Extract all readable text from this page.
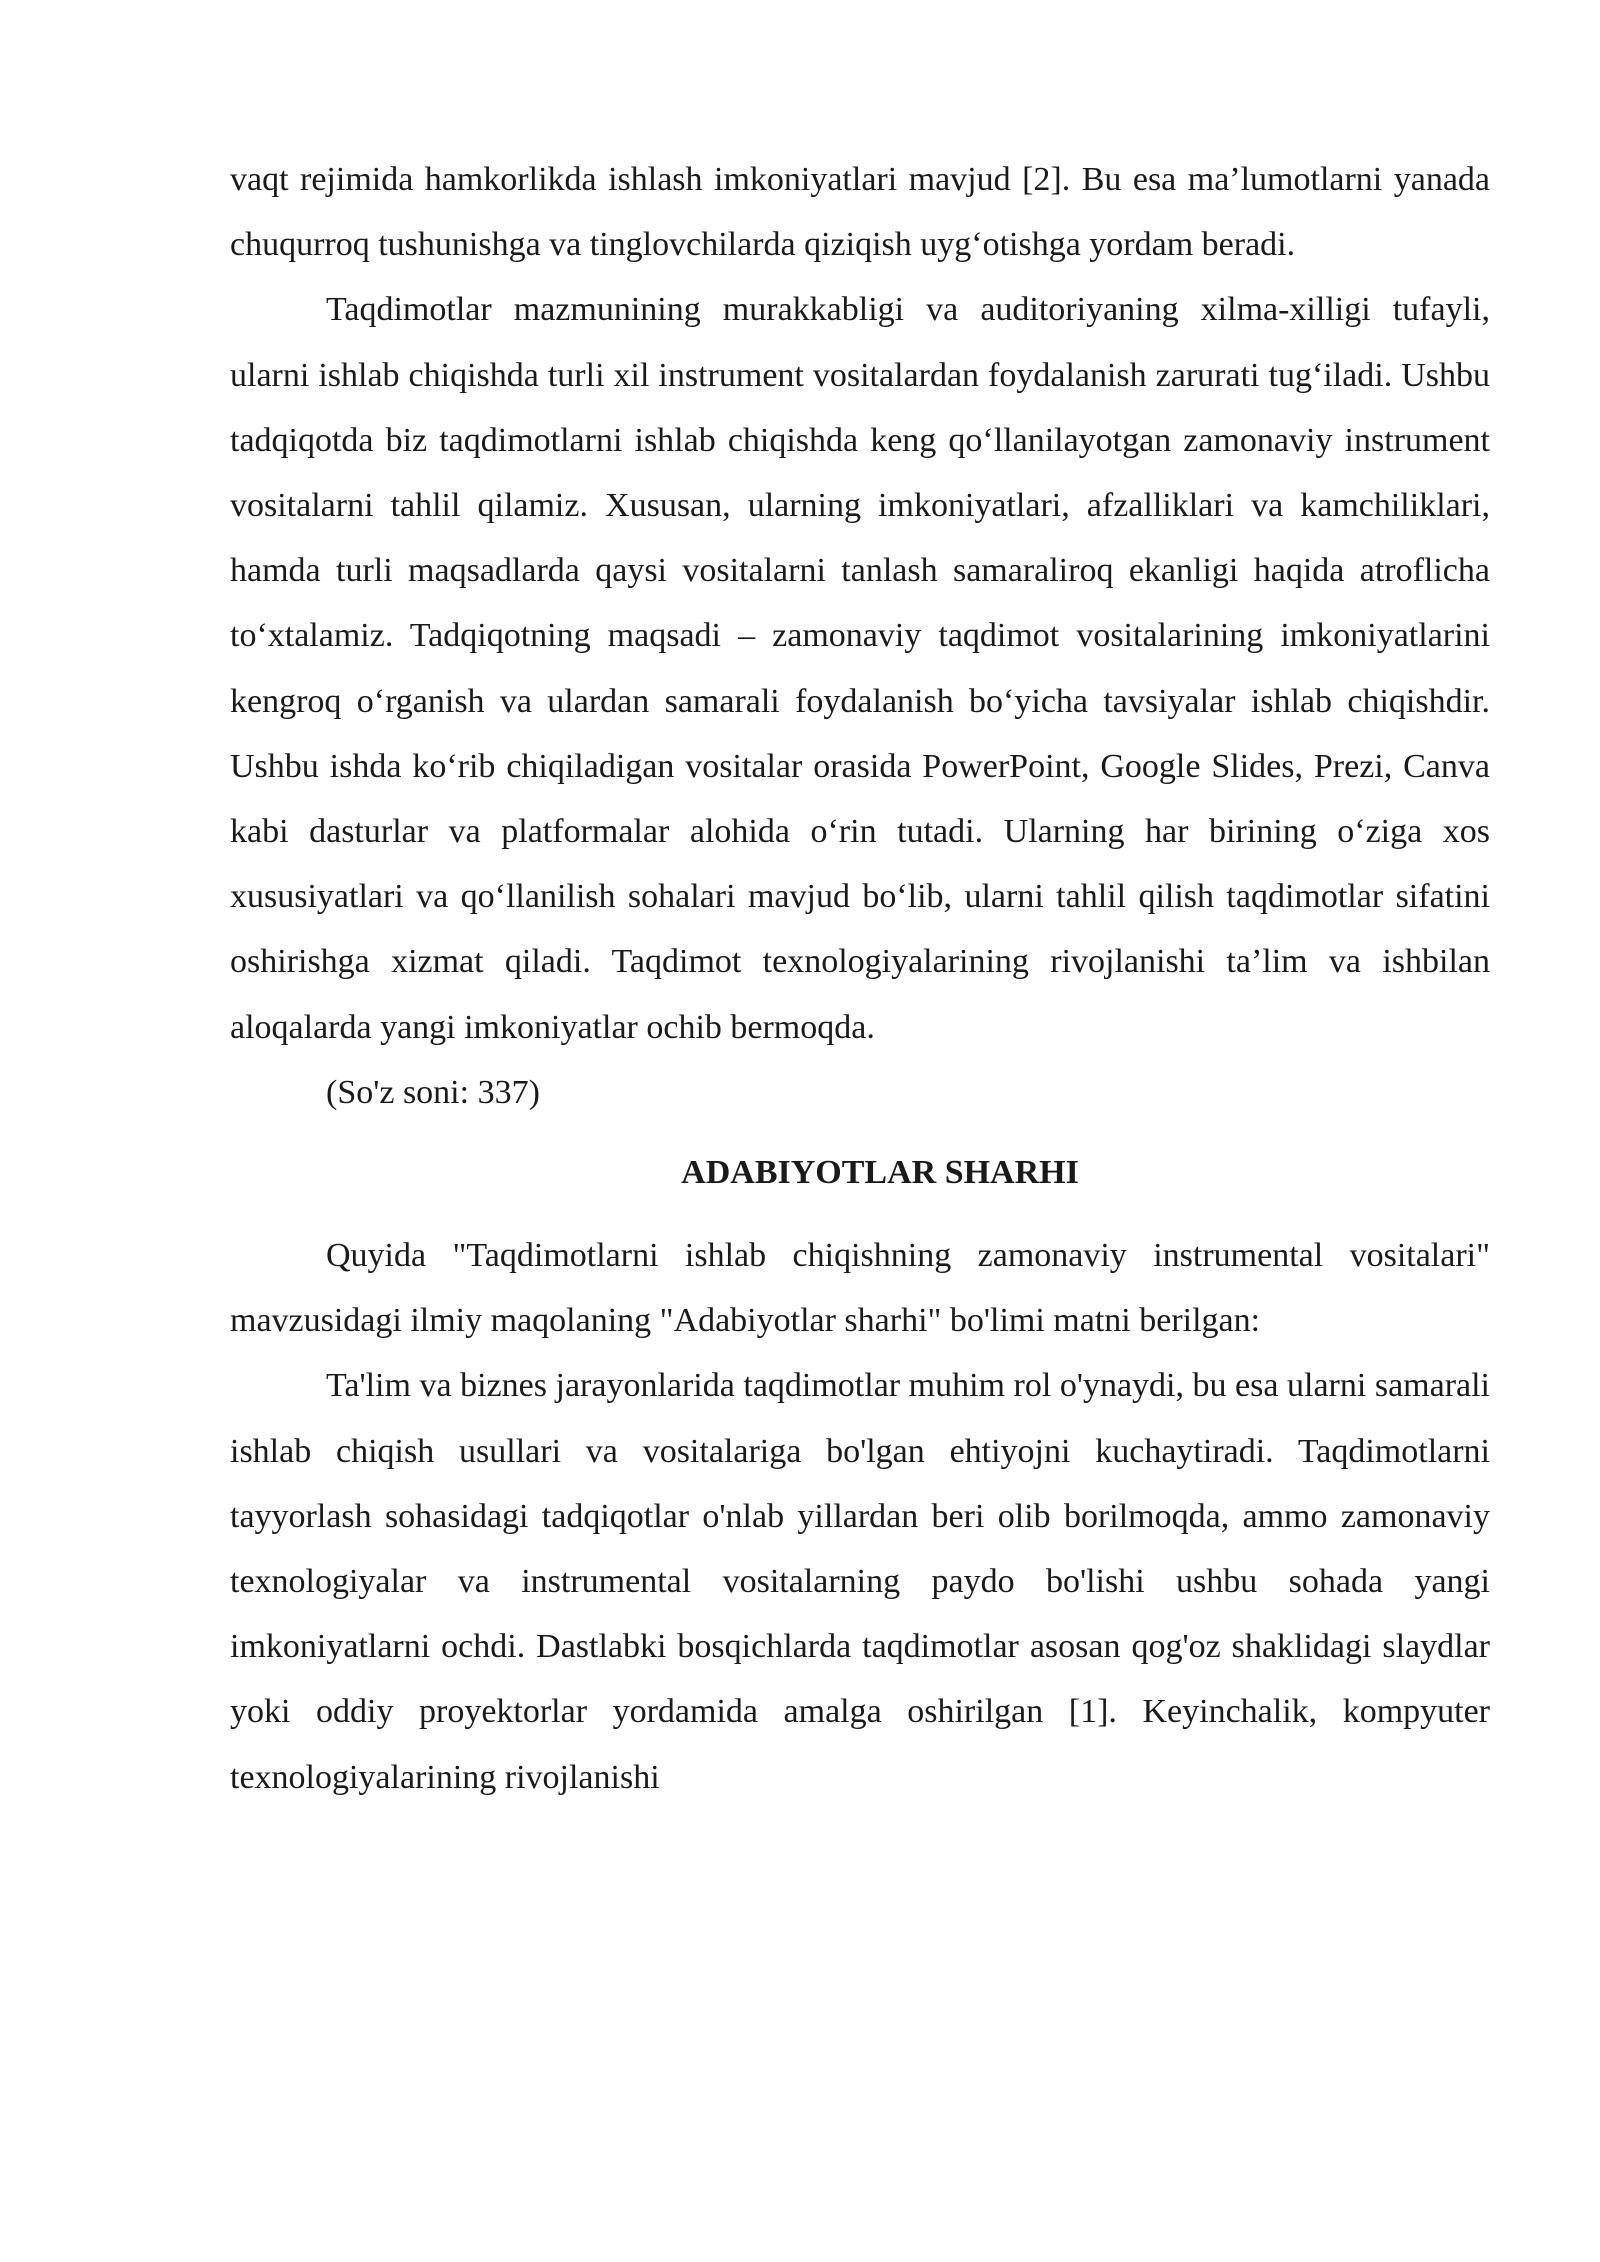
vaqt rejimida hamkorlikda ishlash imkoniyatlari mavjud [2]. Bu esa ma’lumotlarni yanada chuqurroq tushunishga va tinglovchilarda qiziqish uyg‘otishga yordam beradi.

Taqdimotlar mazmunining murakkabligi va auditoriyaning xilma-xilligi tufayli, ularni ishlab chiqishda turli xil instrument vositalardan foydalanish zarurati tug‘iladi. Ushbu tadqiqotda biz taqdimotlarni ishlab chiqishda keng qo‘llanilayotgan zamonaviy instrument vositalarni tahlil qilamiz. Xususan, ularning imkoniyatlari, afzalliklari va kamchiliklari, hamda turli maqsadlarda qaysi vositalarni tanlash samaraliroq ekanligi haqida atroflicha to‘xtalamiz. Tadqiqotning maqsadi – zamonaviy taqdimot vositalarining imkoniyatlarini kengroq o‘rganish va ulardan samarali foydalanish bo‘yicha tavsiyalar ishlab chiqishdir. Ushbu ishda ko‘rib chiqiladigan vositalar orasida PowerPoint, Google Slides, Prezi, Canva kabi dasturlar va platformalar alohida o‘rin tutadi. Ularning har birining o‘ziga xos xususiyatlari va qo‘llanilish sohalari mavjud bo‘lib, ularni tahlil qilish taqdimotlar sifatini oshirishga xizmat qiladi. Taqdimot texnologiyalarining rivojlanishi ta’lim va ishbilan aloqalarda yangi imkoniyatlar ochib bermoqda.

(So'z soni: 337)

ADABIYOTLAR SHARHI

Quyida "Taqdimotlarni ishlab chiqishning zamonaviy instrumental vositalari" mavzusidagi ilmiy maqolaning "Adabiyotlar sharhi" bo'limi matni berilgan:

Ta'lim va biznes jarayonlarida taqdimotlar muhim rol o'ynaydi, bu esa ularni samarali ishlab chiqish usullari va vositalariga bo'lgan ehtiyojni kuchaytiradi. Taqdimotlarni tayyorlash sohasidagi tadqiqotlar o'nlab yillardan beri olib borilmoqda, ammo zamonaviy texnologiyalar va instrumental vositalarning paydo bo'lishi ushbu sohada yangi imkoniyatlarni ochdi. Dastlabki bosqichlarda taqdimotlar asosan qog'oz shaklidagi slaydlar yoki oddiy proyektorlar yordamida amalga oshirilgan [1]. Keyinchalik, kompyuter texnologiyalarining rivojlanishi
